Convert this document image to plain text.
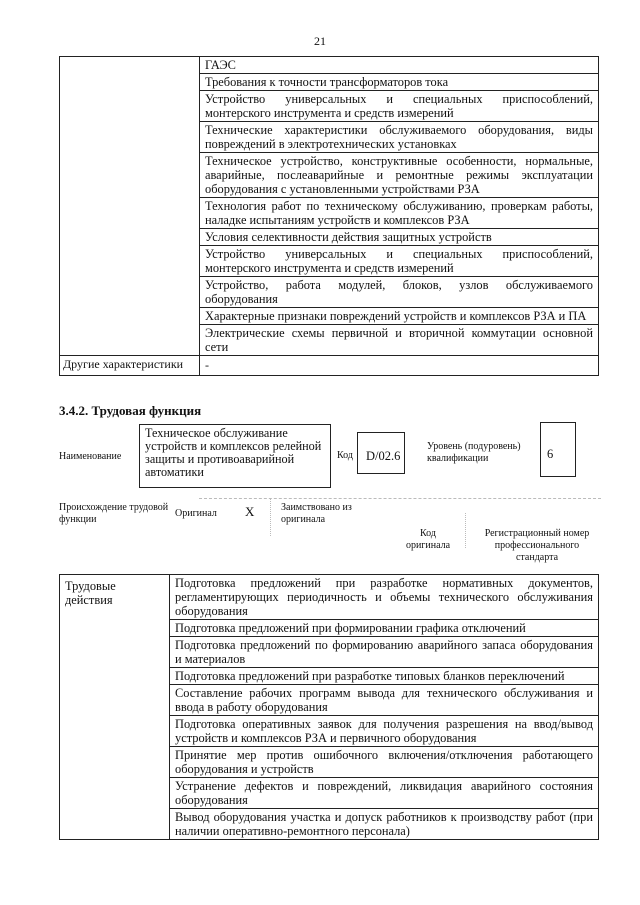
21
ГАЭС
Требования к точности трансформаторов тока
Устройство универсальных и специальных приспособлений, монтерского инструмента и средств измерений
Технические характеристики обслуживаемого оборудования, виды повреждений в электротехнических установках
Техническое устройство, конструктивные особенности, нормальные, аварийные, послеаварийные и ремонтные режимы эксплуатации оборудования с установленными устройствами РЗА
Технология работ по техническому обслуживанию, проверкам работы, наладке испытаниям устройств и комплексов РЗА
Условия селективности действия защитных устройств
Устройство универсальных и специальных приспособлений, монтерского инструмента и средств измерений
Устройство, работа модулей, блоков, узлов обслуживаемого оборудования
Характерные признаки повреждений устройств и комплексов РЗА и ПА
Электрические схемы первичной и вторичной коммутации основной сети
Другие характеристики	-
3.4.2. Трудовая функция
Наименование
Техническое обслуживание устройств и комплексов релейной защиты и противоаварийной автоматики
Код	D/02.6
Уровень (подуровень) квалификации	6
Происхождение трудовой функции
Оригинал X	Заимствовано из оригинала
Код оригинала
Регистрационный номер профессионального стандарта
Трудовые действия
Подготовка предложений при разработке нормативных документов, регламентирующих периодичность и объемы технического обслуживания оборудования
Подготовка предложений при формировании графика отключений
Подготовка предложений по формированию аварийного запаса оборудования и материалов
Подготовка предложений при разработке типовых бланков переключений
Составление рабочих программ вывода для технического обслуживания и ввода в работу оборудования
Подготовка оперативных заявок для получения разрешения на ввод/вывод устройств и комплексов РЗА и первичного оборудования
Принятие мер против ошибочного включения/отключения работающего оборудования и устройств
Устранение дефектов и повреждений, ликвидация аварийного состояния оборудования
Вывод оборудования участка и допуск работников к производству работ (при наличии оперативно-ремонтного персонала)
